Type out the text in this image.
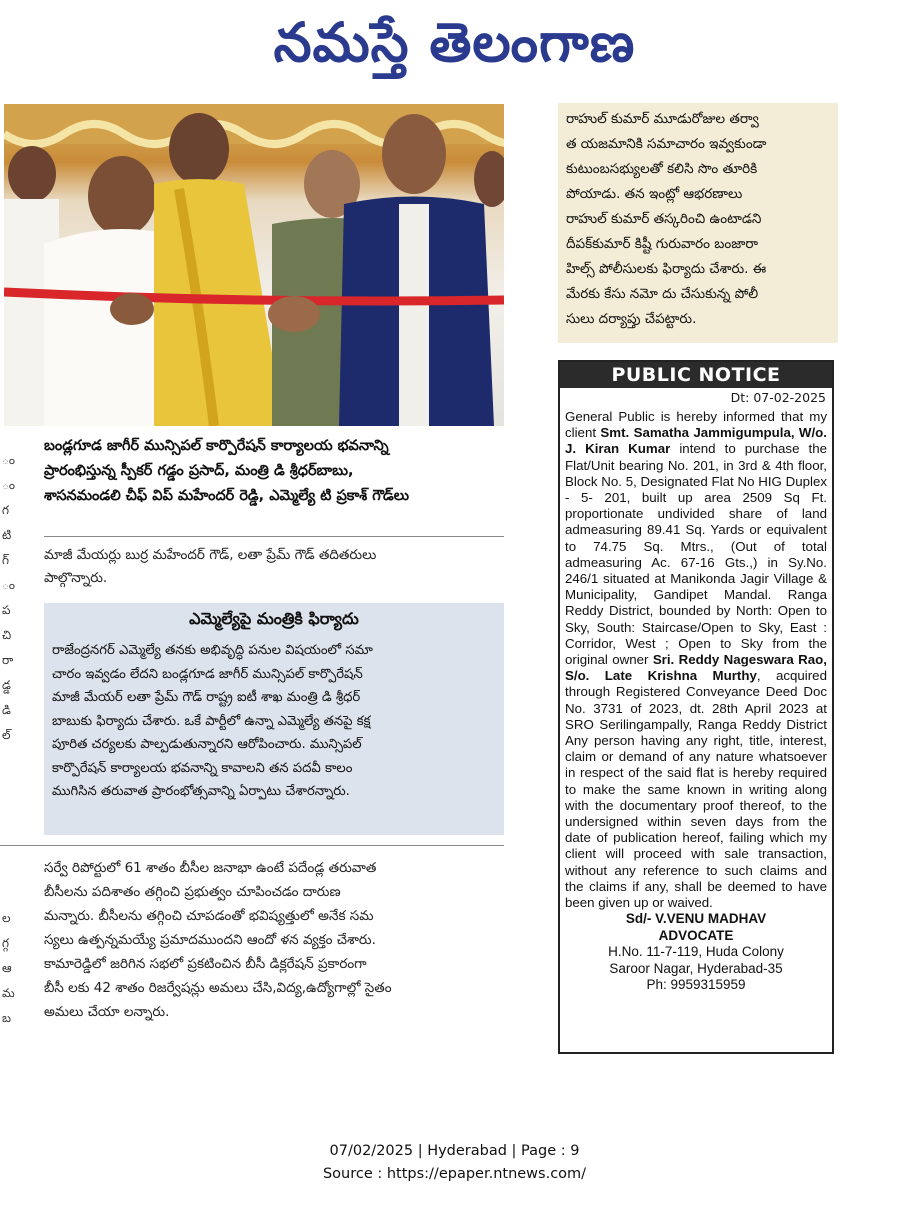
నమస్తే తెలంగాణ
ం
ం
గ
టి
గ్
ం
ప
చి
రా
డ్డ
డి
ల్
ల
గ్గ
ఆ
మ
బ
బండ్లగూడ జాగీర్ మున్సిపల్ కార్పొరేషన్ కార్యాలయ భవనాన్ని
ప్రారంభిస్తున్న స్పీకర్ గడ్డం ప్రసాద్, మంత్రి డి శ్రీధర్‌బాబు,
శాసనమండలి చీఫ్ విప్ మహేందర్ రెడ్డి, ఎమ్మెల్యే టి ప్రకాశ్ గౌడ్‌లు
మాజీ మేయర్లు బుర్ర మహేందర్ గౌడ్, లతా ప్రేమ్ గౌడ్ తదితరులు
పాల్గొన్నారు.
ఎమ్మెల్యేపై మంత్రికి ఫిర్యాదు
రాజేంద్రనగర్ ఎమ్మెల్యే తనకు అభివృద్ధి పనుల విషయంలో సమా
చారం ఇవ్వడం లేదని బండ్లగూడ జాగీర్ మున్సిపల్ కార్పొరేషన్
మాజీ మేయర్ లతా ప్రేమ్ గౌడ్ రాష్ట్ర ఐటీ శాఖ మంత్రి డి శ్రీధర్
బాబుకు ఫిర్యాదు చేశారు. ఒకే పార్టీలో ఉన్నా ఎమ్మెల్యే తనపై కక్ష
పూరిత చర్యలకు పాల్పడుతున్నారని ఆరోపించారు. మున్సిపల్
కార్పొరేషన్ కార్యాలయ భవనాన్ని కావాలని తన పదవీ కాలం
ముగిసిన తరువాత ప్రారంభోత్సవాన్ని ఏర్పాటు చేశారన్నారు.
సర్వే రిపోర్టులో 61 శాతం బీసీల జనాభా ఉంటే పదేండ్ల తరువాత
బీసీలను పదిశాతం తగ్గించి ప్రభుత్వం చూపించడం దారుణ
మన్నారు. బీసీలను తగ్గించి చూపడంతో భవిష్యత్తులో అనేక సమ
స్యలు ఉత్పన్నమయ్యే ప్రమాదముందని ఆందో ళన వ్యక్తం చేశారు.
కామారెడ్డిలో జరిగిన సభలో ప్రకటించిన బీసీ డిక్లరేషన్ ప్రకారంగా
బీసీ లకు 42 శాతం రిజర్వేషన్లు అమలు చేసి,విద్య,ఉద్యోగాల్లో సైతం
అమలు చేయా లన్నారు.
రాహుల్ కుమార్ మూడురోజుల తర్వా
త యజమానికి సమాచారం ఇవ్వకుండా
కుటుంబసభ్యులతో కలిసి సొం తూరికి
పోయాడు. తన ఇంట్లో ఆభరణాలు
రాహుల్ కుమార్ తస్కరించి ఉంటాడని
దీపక్‌కుమార్ కిష్టీ గురువారం బంజారా
హిల్స్ పోలీసులకు ఫిర్యాదు చేశారు. ఈ
మేరకు కేసు నమో దు చేసుకున్న పోలీ
సులు దర్యాప్తు చేపట్టారు.
PUBLIC NOTICE
Dt: 07-02-2025
General Public is hereby informed that my client Smt. Samatha Jammigumpula, W/o. J. Kiran Kumar intend to purchase the Flat/Unit bearing No. 201, in 3rd & 4th floor, Block No. 5, Designated Flat No HIG Duplex - 5- 201, built up area 2509 Sq Ft. proportionate undivided share of land admeasuring 89.41 Sq. Yards or equivalent to 74.75 Sq. Mtrs., (Out of total admeasuring Ac. 67-16 Gts.,) in Sy.No. 246/1 situated at Manikonda Jagir Village & Municipality, Gandipet Mandal. Ranga Reddy District, bounded by North: Open to Sky, South: Staircase/Open to Sky, East : Corridor, West ; Open to Sky from the original owner Sri. Reddy Nageswara Rao, S/o. Late Krishna Murthy, acquired through Registered Conveyance Deed Doc No. 3731 of 2023, dt. 28th April 2023 at SRO Serilingampally, Ranga Reddy District Any person having any right, title, interest, claim or demand of any nature whatsoever in respect of the said flat is hereby required to make the same known in writing along with the documentary proof thereof, to the undersigned within seven days from the date of publication hereof, failing which my client will proceed with sale transaction, without any reference to such claims and the claims if any, shall be deemed to have been given up or waived.
Sd/- V.VENU MADHAV
ADVOCATE
H.No. 11-7-119, Huda Colony
Saroor Nagar, Hyderabad-35
Ph: 9959315959
07/02/2025 | Hyderabad | Page : 9
Source : https://epaper.ntnews.com/
